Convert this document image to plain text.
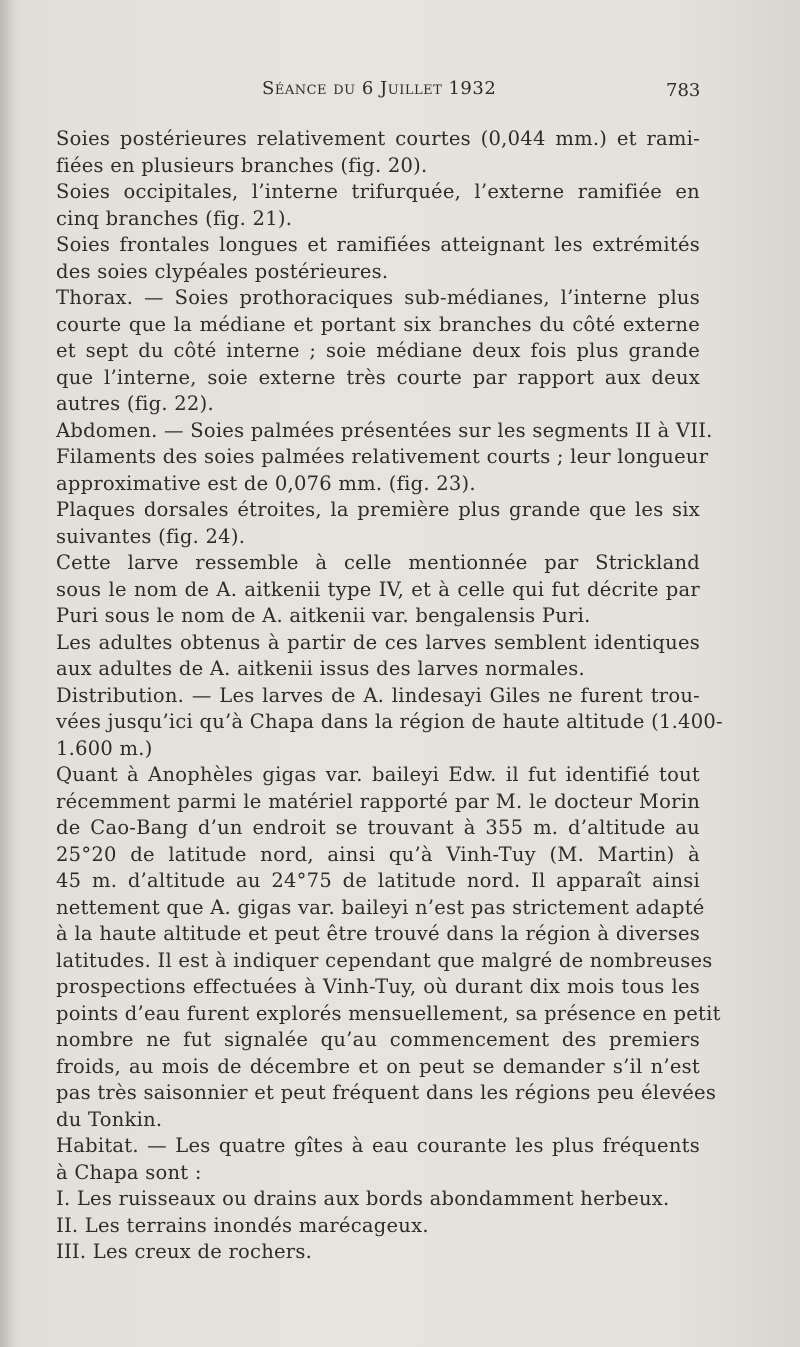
Séance du 6 Juillet 1932	783
Soies postérieures relativement courtes (0,044 mm.) et rami-
fiées en plusieurs branches (fig. 20).
Soies occipitales, l’interne trifurquée, l’externe ramifiée en
cinq branches (fig. 21).
Soies frontales longues et ramifiées atteignant les extrémités
des soies clypéales postérieures.
Thorax. — Soies prothoraciques sub-médianes, l’interne plus
courte que la médiane et portant six branches du côté externe
et sept du côté interne ; soie médiane deux fois plus grande
que l’interne, soie externe très courte par rapport aux deux
autres (fig. 22).
Abdomen. — Soies palmées présentées sur les segments II à VII.
Filaments des soies palmées relativement courts ; leur longueur
approximative est de 0,076 mm. (fig. 23).
Plaques dorsales étroites, la première plus grande que les six
suivantes (fig. 24).
Cette larve ressemble à celle mentionnée par Strickland
sous le nom de A. aitkenii type IV, et à celle qui fut décrite par
Puri sous le nom de A. aitkenii var. bengalensis Puri.
Les adultes obtenus à partir de ces larves semblent identiques
aux adultes de A. aitkenii issus des larves normales.
Distribution. — Les larves de A. lindesayi Giles ne furent trou-
vées jusqu’ici qu’à Chapa dans la région de haute altitude (1.400-
1.600 m.)
Quant à Anophèles gigas var. baileyi Edw. il fut identifié tout
récemment parmi le matériel rapporté par M. le docteur Morin
de Cao-Bang d’un endroit se trouvant à 355 m. d’altitude au
25°20 de latitude nord, ainsi qu’à Vinh-Tuy (M. Martin) à
45 m. d’altitude au 24°75 de latitude nord. Il apparaît ainsi
nettement que A. gigas var. baileyi n’est pas strictement adapté
à la haute altitude et peut être trouvé dans la région à diverses
latitudes. Il est à indiquer cependant que malgré de nombreuses
prospections effectuées à Vinh-Tuy, où durant dix mois tous les
points d’eau furent explorés mensuellement, sa présence en petit
nombre ne fut signalée qu’au commencement des premiers
froids, au mois de décembre et on peut se demander s’il n’est
pas très saisonnier et peut fréquent dans les régions peu élevées
du Tonkin.
Habitat. — Les quatre gîtes à eau courante les plus fréquents
à Chapa sont :
I. Les ruisseaux ou drains aux bords abondamment herbeux.
II. Les terrains inondés marécageux.
III. Les creux de rochers.
